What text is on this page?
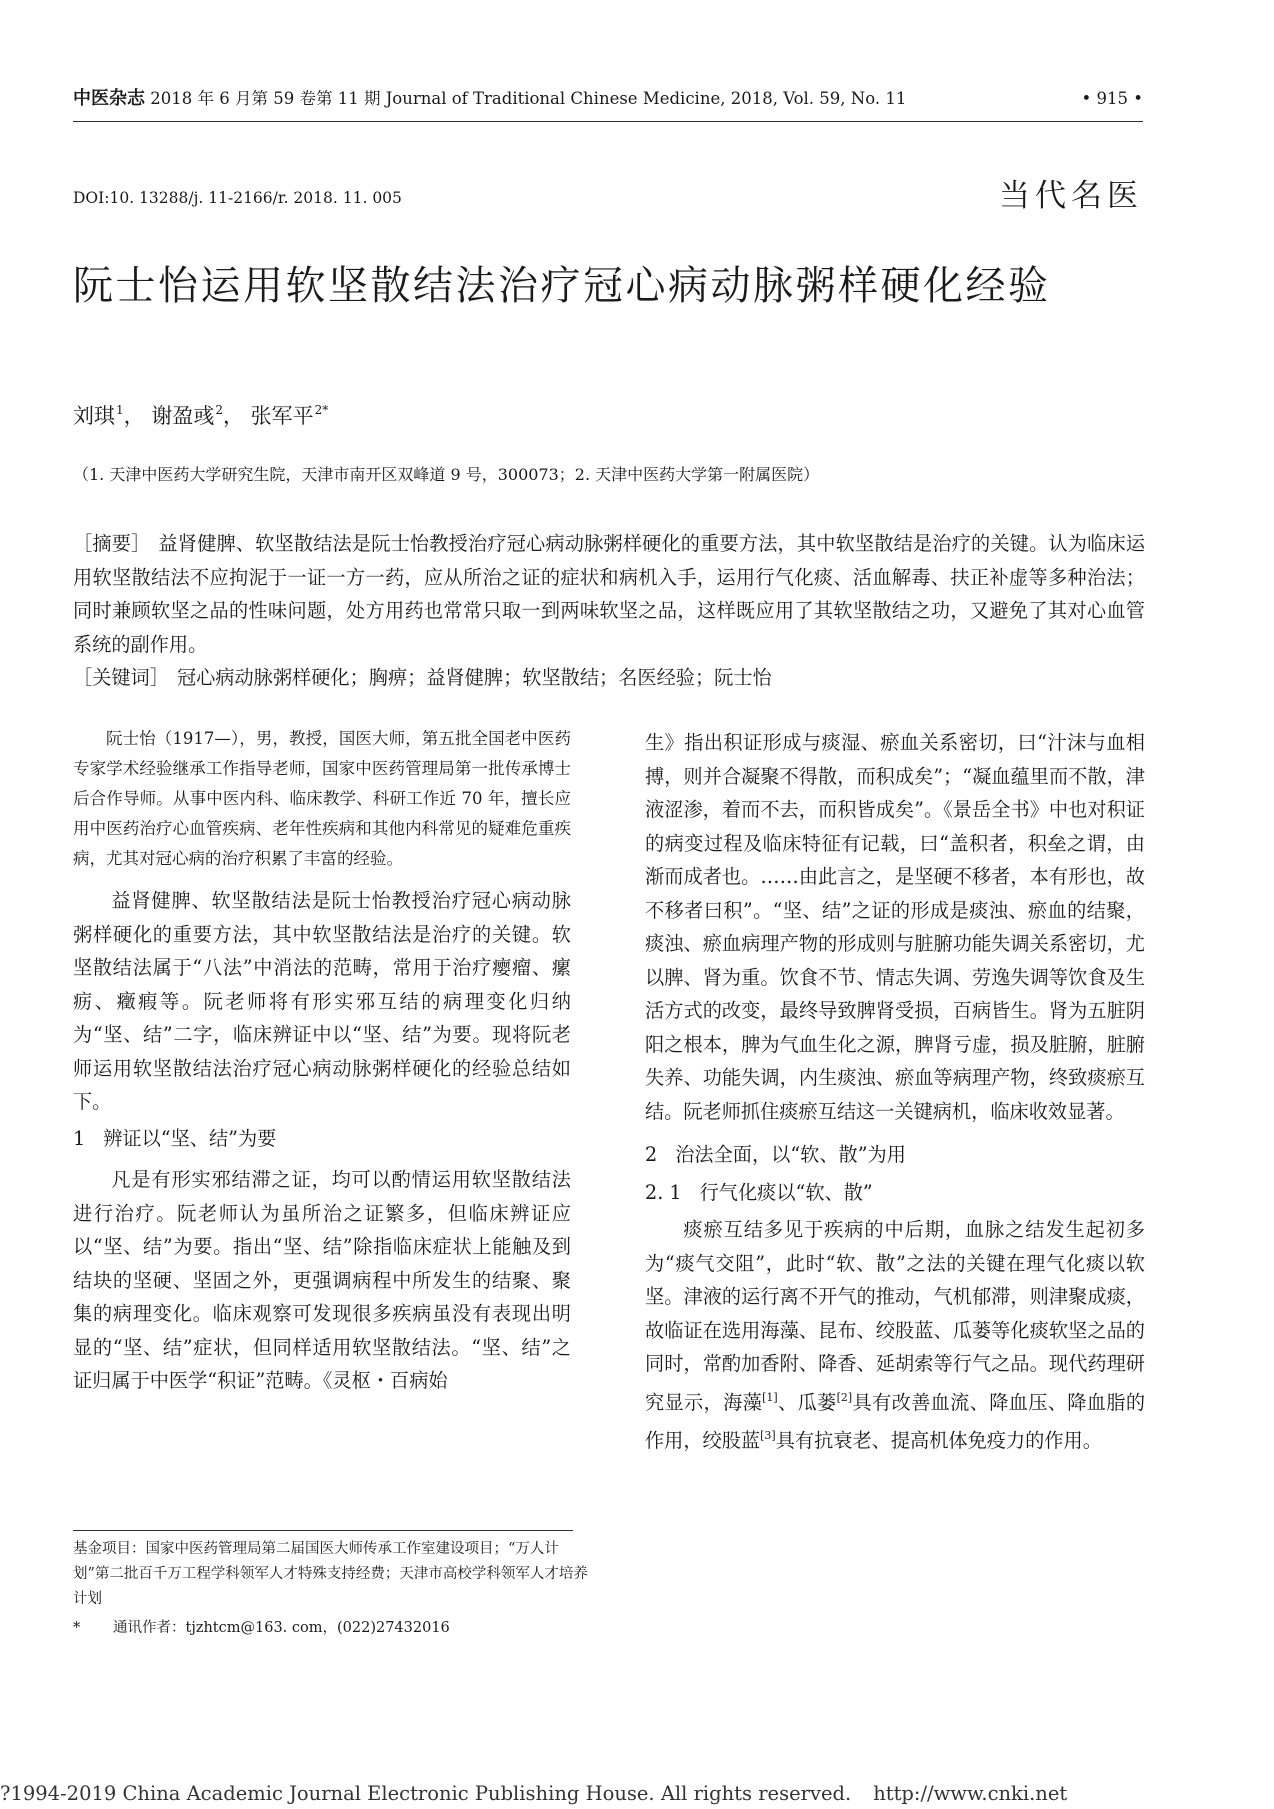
中医杂志 2018 年 6 月第 59 卷第 11 期 Journal of Traditional Chinese Medicine, 2018, Vol. 59, No. 11	• 915 •
DOI:10. 13288/j. 11-2166/r. 2018. 11. 005	当代名医
阮士怡运用软坚散结法治疗冠心病动脉粥样硬化经验
刘琪$^1$， 谢盈彧$^2$， 张军平$^{2*}$
（1. 天津中医药大学研究生院，天津市南开区双峰道 9 号，300073；2. 天津中医药大学第一附属医院）
［摘要］ 益肾健脾、软坚散结法是阮士怡教授治疗冠心病动脉粥样硬化的重要方法，其中软坚散结是治疗的关键。认为临床运用软坚散结法不应拘泥于一证一方一药，应从所治之证的症状和病机入手，运用行气化痰、活血解毒、扶正补虚等多种治法；同时兼顾软坚之品的性味问题，处方用药也常常只取一到两味软坚之品，这样既应用了其软坚散结之功，又避免了其对心血管系统的副作用。
［关键词］ 冠心病动脉粥样硬化；胸痹；益肾健脾；软坚散结；名医经验；阮士怡

阮士怡（1917—），男，教授，国医大师，第五批全国老中医药专家学术经验继承工作指导老师，国家中医药管理局第一批传承博士后合作导师。从事中医内科、临床教学、科研工作近 70 年，擅长应用中医药治疗心血管疾病、老年性疾病和其他内科常见的疑难危重疾病，尤其对冠心病的治疗积累了丰富的经验。

益肾健脾、软坚散结法是阮士怡教授治疗冠心病动脉粥样硬化的重要方法，其中软坚散结法是治疗的关键。软坚散结法属于“八法”中消法的范畴，常用于治疗瘿瘤、瘰疬、癥瘕等。阮老师将有形实邪互结的病理变化归纳为“坚、结”二字，临床辨证中以“坚、结”为要。现将阮老师运用软坚散结法治疗冠心病动脉粥样硬化的经验总结如下。

1 辨证以“坚、结”为要

凡是有形实邪结滞之证，均可以酌情运用软坚散结法进行治疗。阮老师认为虽所治之证繁多，但临床辨证应以“坚、结”为要。指出“坚、结”除指临床症状上能触及到结块的坚硬、坚固之外，更强调病程中所发生的结聚、聚集的病理变化。临床观察可发现很多疾病虽没有表现出明显的“坚、结”症状，但同样适用软坚散结法。“坚、结”之证归属于中医学“积证”范畴。《灵枢・百病始

生》指出积证形成与痰湿、瘀血关系密切，曰“汁沫与血相搏，则并合凝聚不得散，而积成矣”；“凝血蕴里而不散，津液涩渗，着而不去，而积皆成矣”。《景岳全书》中也对积证的病变过程及临床特征有记载，曰“盖积者，积垒之谓，由渐而成者也。……由此言之，是坚硬不移者，本有形也，故不移者曰积”。“坚、结”之证的形成是痰浊、瘀血的结聚，痰浊、瘀血病理产物的形成则与脏腑功能失调关系密切，尤以脾、肾为重。饮食不节、情志失调、劳逸失调等饮食及生活方式的改变，最终导致脾肾受损，百病皆生。肾为五脏阴阳之根本，脾为气血生化之源，脾肾亏虚，损及脏腑，脏腑失养、功能失调，内生痰浊、瘀血等病理产物，终致痰瘀互结。阮老师抓住痰瘀互结这一关键病机，临床收效显著。

2 治法全面，以“软、散”为用

2. 1 行气化痰以“软、散”

痰瘀互结多见于疾病的中后期，血脉之结发生起初多为“痰气交阻”，此时“软、散”之法的关键在理气化痰以软坚。津液的运行离不开气的推动，气机郁滞，则津聚成痰，故临证在选用海藻、昆布、绞股蓝、瓜蒌等化痰软坚之品的同时，常酌加香附、降香、延胡索等行气之品。现代药理研究显示，海藻[1]、瓜蒌[2]具有改善血流、降血压、降血脂的作用，绞股蓝[3]具有抗衰老、提高机体免疫力的作用。

基金项目：国家中医药管理局第二届国医大师传承工作室建设项目；“万人计划”第二批百千万工程学科领军人才特殊支持经费；天津市高校学科领军人才培养计划
* 通讯作者：tjzhtcm@163. com，(022)27432016
?1994-2019 China Academic Journal Electronic Publishing House. All rights reserved. http://www.cnki.net
